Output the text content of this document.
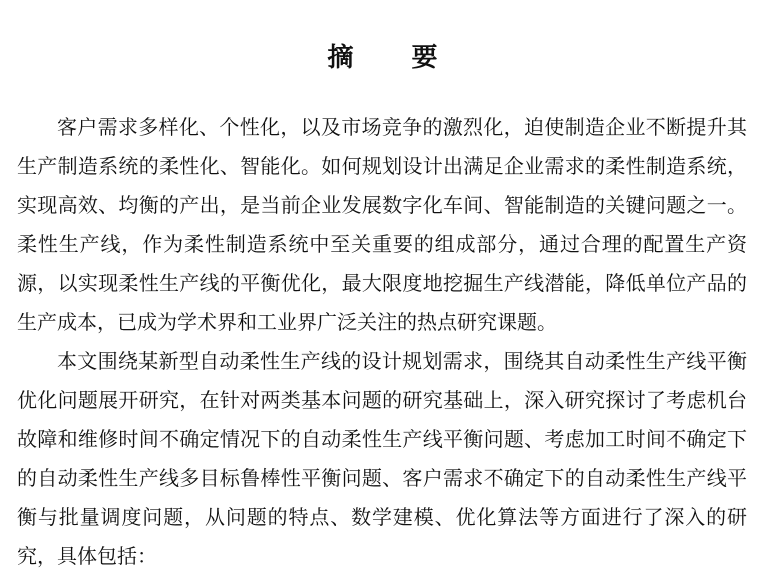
摘　要

客户需求多样化、个性化，以及市场竞争的激烈化，迫使制造企业不断提升其生产制造系统的柔性化、智能化。如何规划设计出满足企业需求的柔性制造系统，实现高效、均衡的产出，是当前企业发展数字化车间、智能制造的关键问题之一。柔性生产线，作为柔性制造系统中至关重要的组成部分，通过合理的配置生产资源，以实现柔性生产线的平衡优化，最大限度地挖掘生产线潜能，降低单位产品的生产成本，已成为学术界和工业界广泛关注的热点研究课题。

本文围绕某新型自动柔性生产线的设计规划需求，围绕其自动柔性生产线平衡优化问题展开研究，在针对两类基本问题的研究基础上，深入研究探讨了考虑机台故障和维修时间不确定情况下的自动柔性生产线平衡问题、考虑加工时间不确定下的自动柔性生产线多目标鲁棒性平衡问题、客户需求不确定下的自动柔性生产线平衡与批量调度问题，从问题的特点、数学建模、优化算法等方面进行了深入的研究，具体包括：
